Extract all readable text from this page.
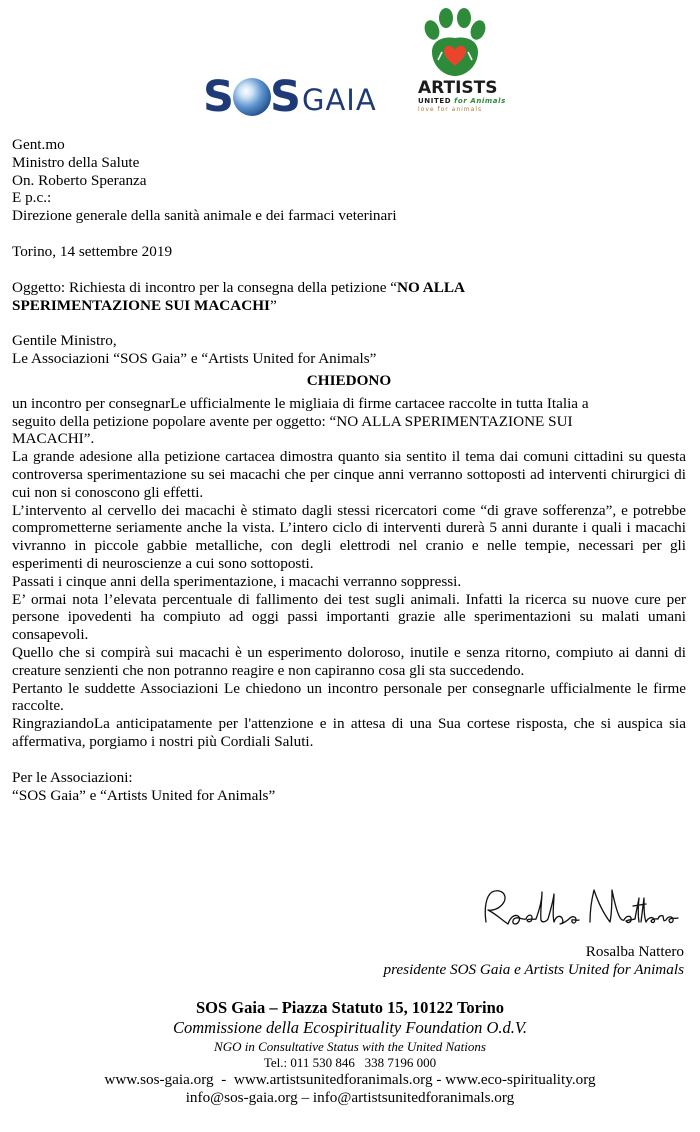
S S GAIA ARTISTS
UNITED for Animals
love for animals
Gent.mo
Ministro della Salute
On. Roberto Speranza
E p.c.:
Direzione generale della sanità animale e dei farmaci veterinari
Torino, 14 settembre 2019
Oggetto: Richiesta di incontro per la consegna della petizione “NO ALLA
SPERIMENTAZIONE SUI MACACHI”
Gentile Ministro,
Le Associazioni “SOS Gaia” e “Artists United for Animals”
CHIEDONO
un incontro per consegnarLe ufficialmente le migliaia di firme cartacee raccolte in tutta Italia a
seguito della petizione popolare avente per oggetto: “NO ALLA SPERIMENTAZIONE SUI
MACACHI”.
La grande adesione alla petizione cartacea dimostra quanto sia sentito il tema dai comuni cittadini su questa controversa sperimentazione su sei macachi che per cinque anni verranno sottoposti ad interventi chirurgici di cui non si conoscono gli effetti.
L’intervento al cervello dei macachi è stimato dagli stessi ricercatori come “di grave sofferenza”, e potrebbe comprometterne seriamente anche la vista. L’intero ciclo di interventi durerà 5 anni durante i quali i macachi vivranno in piccole gabbie metalliche, con degli elettrodi nel cranio e nelle tempie, necessari per gli esperimenti di neuroscienze a cui sono sottoposti.
Passati i cinque anni della sperimentazione, i macachi verranno soppressi.
E’ ormai nota l’elevata percentuale di fallimento dei test sugli animali. Infatti la ricerca su nuove cure per persone ipovedenti ha compiuto ad oggi passi importanti grazie alle sperimentazioni su malati umani consapevoli.
Quello che si compirà sui macachi è un esperimento doloroso, inutile e senza ritorno, compiuto ai danni di creature senzienti che non potranno reagire e non capiranno cosa gli sta succedendo.
Pertanto le suddette Associazioni Le chiedono un incontro personale per consegnarle ufficialmente le firme raccolte.
RingraziandoLa anticipatamente per l'attenzione e in attesa di una Sua cortese risposta, che si auspica sia affermativa, porgiamo i nostri più Cordiali Saluti.
Per le Associazioni:
“SOS Gaia” e “Artists United for Animals”
Rosalba Nattero
presidente SOS Gaia e Artists United for Animals
SOS Gaia – Piazza Statuto 15, 10122 Torino
Commissione della Ecospirituality Foundation O.d.V.
NGO in Consultative Status with the United Nations
Tel.: 011 530 846   338 7196 000
www.sos-gaia.org  -  www.artistsunitedforanimals.org - www.eco-spirituality.org
info@sos-gaia.org – info@artistsunitedforanimals.org
